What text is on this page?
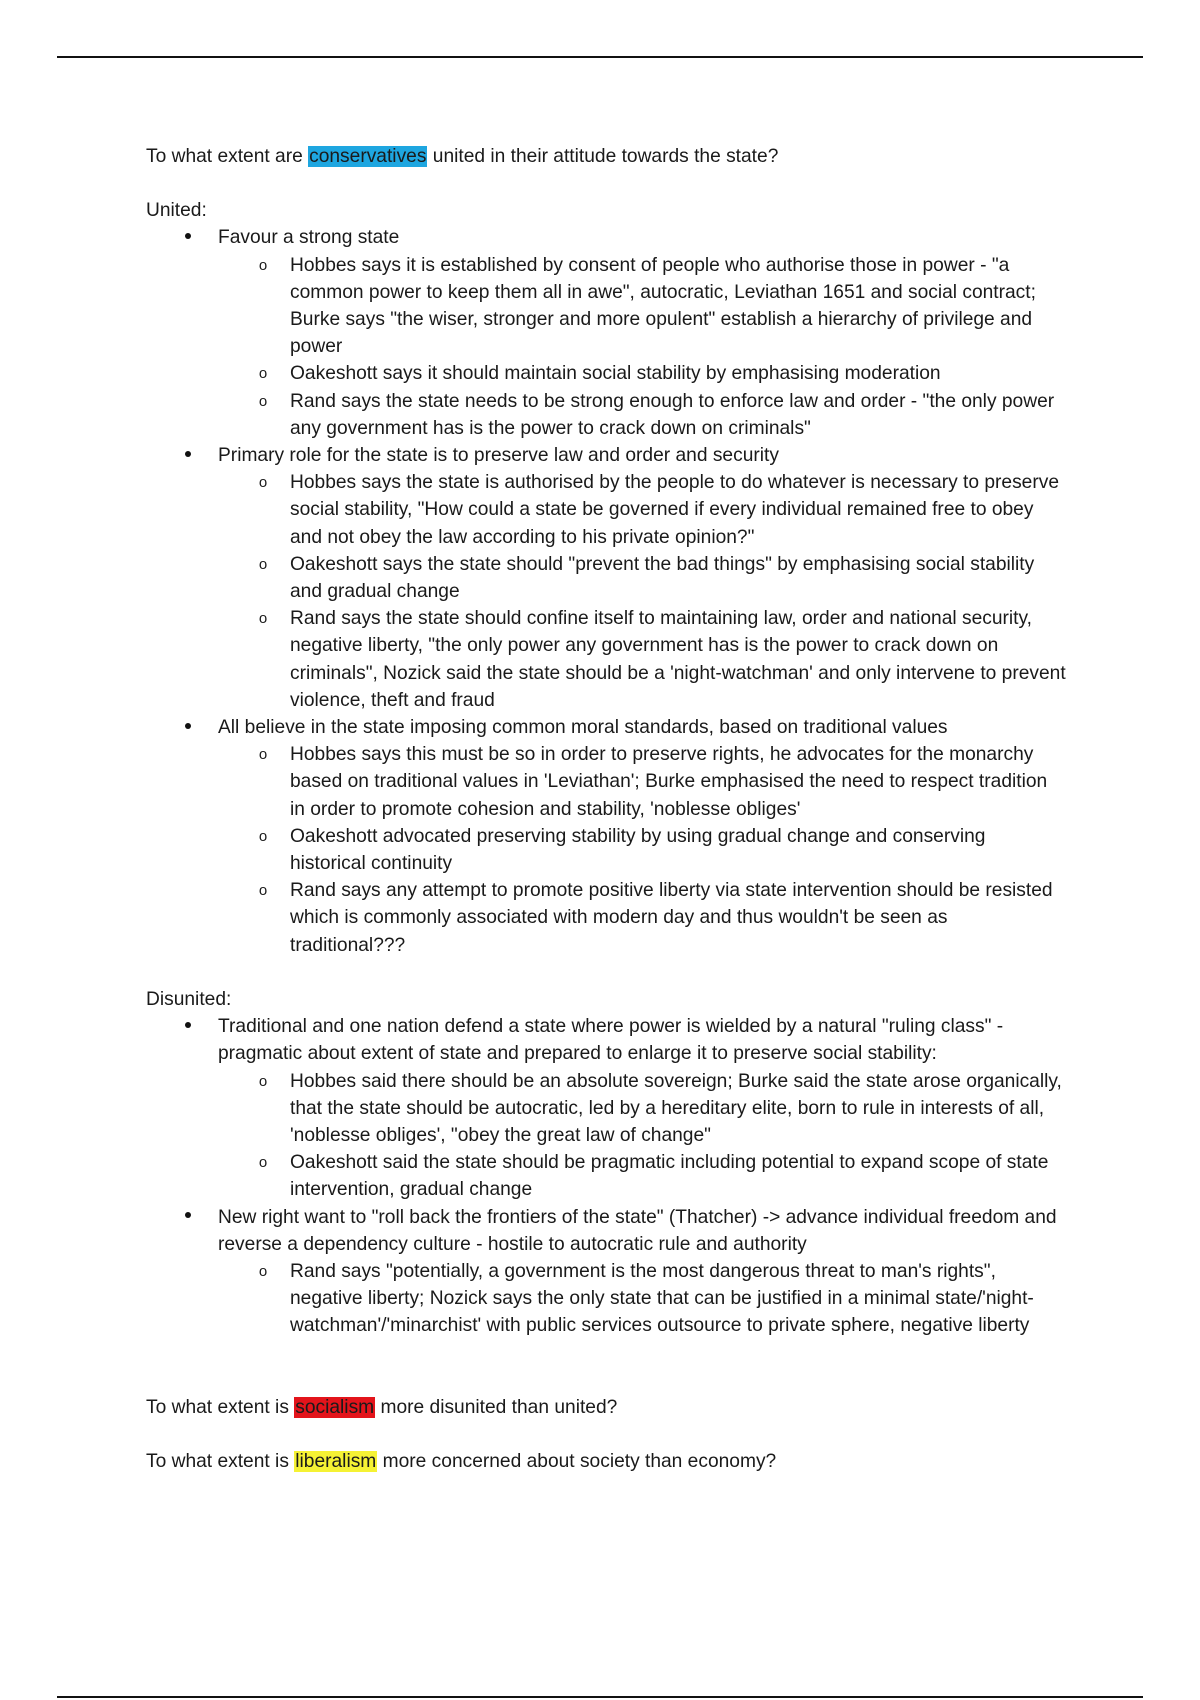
To what extent are conservatives united in their attitude towards the state?

United:

Favour a strong state
o Hobbes says it is established by consent of people who authorise those in power - "a common power to keep them all in awe", autocratic, Leviathan 1651 and social contract; Burke says "the wiser, stronger and more opulent" establish a hierarchy of privilege and power
o Oakeshott says it should maintain social stability by emphasising moderation
o Rand says the state needs to be strong enough to enforce law and order - "the only power any government has is the power to crack down on criminals"
Primary role for the state is to preserve law and order and security
o Hobbes says the state is authorised by the people to do whatever is necessary to preserve social stability, "How could a state be governed if every individual remained free to obey and not obey the law according to his private opinion?"
o Oakeshott says the state should "prevent the bad things" by emphasising social stability and gradual change
o Rand says the state should confine itself to maintaining law, order and national security, negative liberty, "the only power any government has is the power to crack down on criminals", Nozick said the state should be a 'night-watchman' and only intervene to prevent violence, theft and fraud
All believe in the state imposing common moral standards, based on traditional values
o Hobbes says this must be so in order to preserve rights, he advocates for the monarchy based on traditional values in 'Leviathan'; Burke emphasised the need to respect tradition in order to promote cohesion and stability, 'noblesse obliges'
o Oakeshott advocated preserving stability by using gradual change and conserving historical continuity
o Rand says any attempt to promote positive liberty via state intervention should be resisted which is commonly associated with modern day and thus wouldn't be seen as traditional???

Disunited:

Traditional and one nation defend a state where power is wielded by a natural "ruling class" - pragmatic about extent of state and prepared to enlarge it to preserve social stability:
o Hobbes said there should be an absolute sovereign; Burke said the state arose organically, that the state should be autocratic, led by a hereditary elite, born to rule in interests of all, 'noblesse obliges', "obey the great law of change"
o Oakeshott said the state should be pragmatic including potential to expand scope of state intervention, gradual change
New right want to "roll back the frontiers of the state" (Thatcher) -> advance individual freedom and reverse a dependency culture - hostile to autocratic rule and authority
o Rand says "potentially, a government is the most dangerous threat to man's rights", negative liberty; Nozick says the only state that can be justified in a minimal state/'night-watchman'/'minarchist' with public services outsource to private sphere, negative liberty

To what extent is socialism more disunited than united?

To what extent is liberalism more concerned about society than economy?
